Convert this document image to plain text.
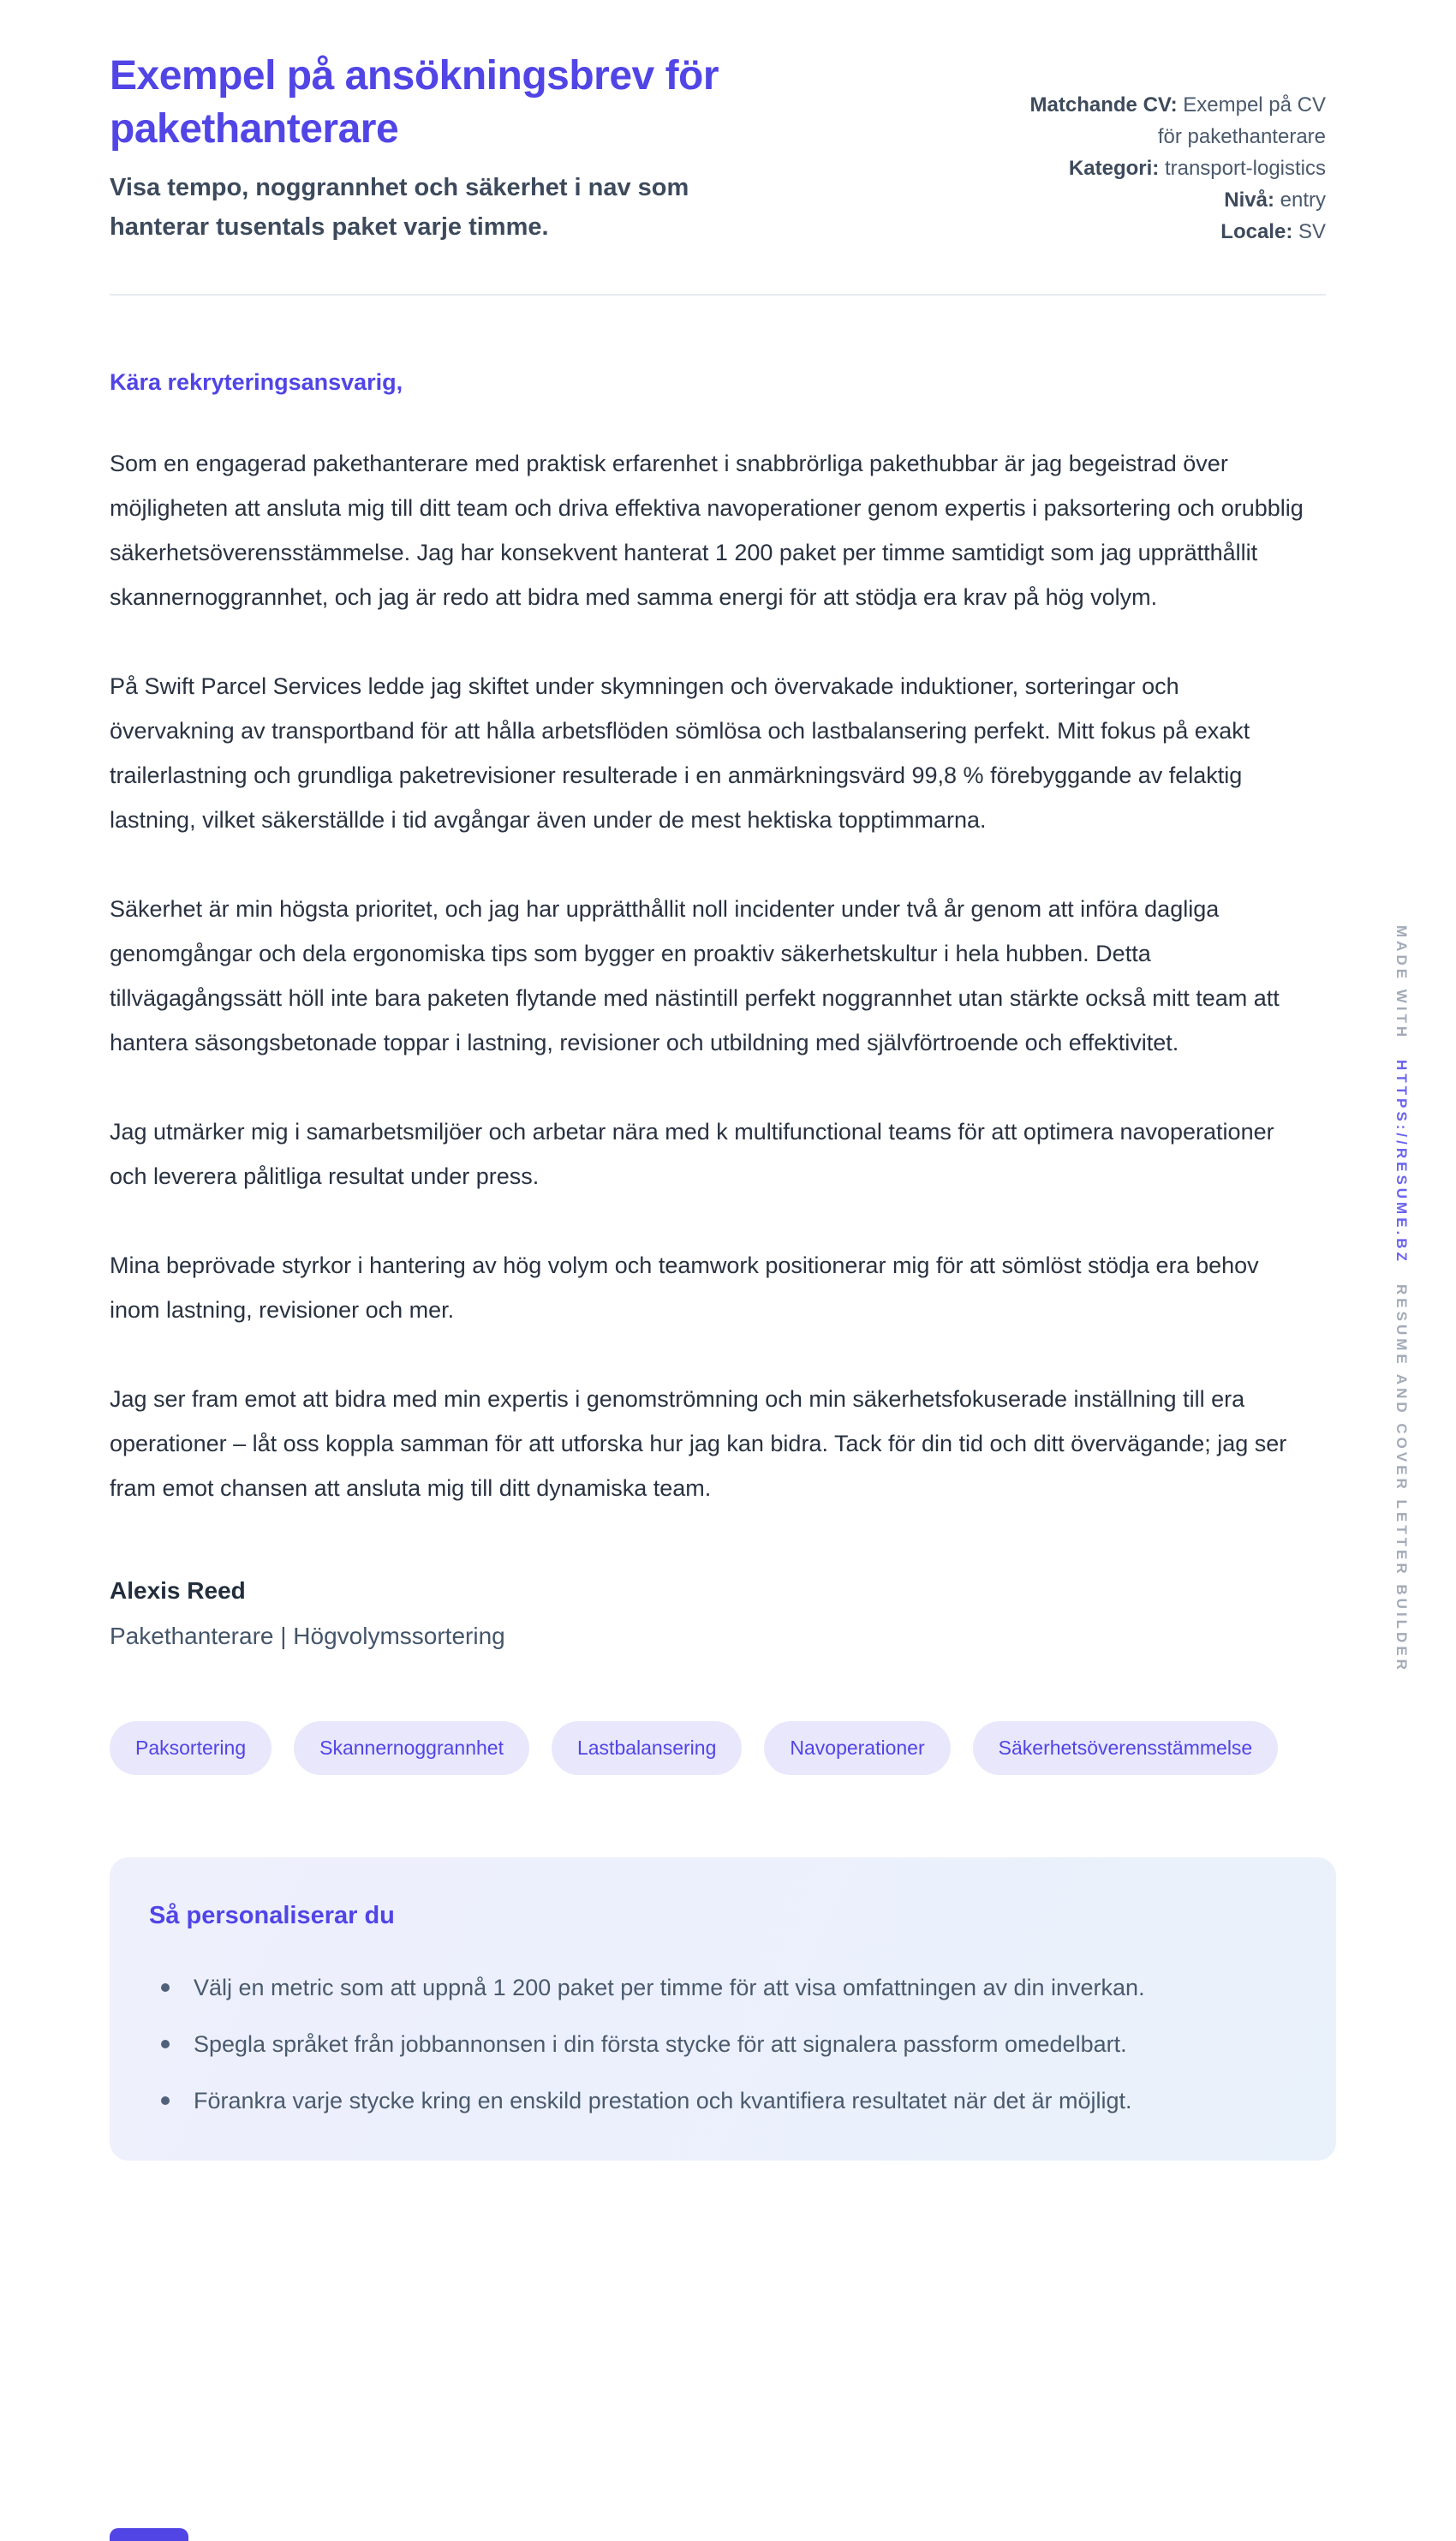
Exempel på ansökningsbrev för pakethanterare

Visa tempo, noggrannhet och säkerhet i nav som hanterar tusentals paket varje timme.

Matchande CV: Exempel på CV för pakethanterare
Kategori: transport-logistics
Nivå: entry
Locale: SV

Kära rekryteringsansvarig,

Som en engagerad pakethanterare med praktisk erfarenhet i snabbrörliga pakethubbar är jag begeistrad över möjligheten att ansluta mig till ditt team och driva effektiva navoperationer genom expertis i paksortering och orubblig säkerhetsöverensstämmelse. Jag har konsekvent hanterat 1 200 paket per timme samtidigt som jag upprätthållit skannernoggrannhet, och jag är redo att bidra med samma energi för att stödja era krav på hög volym.

På Swift Parcel Services ledde jag skiftet under skymningen och övervakade induktioner, sorteringar och övervakning av transportband för att hålla arbetsflöden sömlösa och lastbalansering perfekt. Mitt fokus på exakt trailerlastning och grundliga paketrevisioner resulterade i en anmärkningsvärd 99,8 % förebyggande av felaktig lastning, vilket säkerställde i tid avgångar även under de mest hektiska topptimmarna.

Säkerhet är min högsta prioritet, och jag har upprätthållit noll incidenter under två år genom att införa dagliga genomgångar och dela ergonomiska tips som bygger en proaktiv säkerhetskultur i hela hubben. Detta tillvägagångssätt höll inte bara paketen flytande med nästintill perfekt noggrannhet utan stärkte också mitt team att hantera säsongsbetonade toppar i lastning, revisioner och utbildning med självförtroende och effektivitet.

Jag utmärker mig i samarbetsmiljöer och arbetar nära med k multifunctional teams för att optimera navoperationer och leverera pålitliga resultat under press.

Mina beprövade styrkor i hantering av hög volym och teamwork positionerar mig för att sömlöst stödja era behov inom lastning, revisioner och mer.

Jag ser fram emot att bidra med min expertis i genomströmning och min säkerhetsfokuserade inställning till era operationer – låt oss koppla samman för att utforska hur jag kan bidra. Tack för din tid och ditt övervägande; jag ser fram emot chansen att ansluta mig till ditt dynamiska team.

Alexis Reed

Pakethanterare | Högvolymssortering

Paksortering	Skannernoggrannhet	Lastbalansering	Navoperationer	Säkerhetsöverensstämmelse
Så personaliserar du
Välj en metric som att uppnå 1 200 paket per timme för att visa omfattningen av din inverkan.
Spegla språket från jobbannonsen i din första stycke för att signalera passform omedelbart.
Förankra varje stycke kring en enskild prestation och kvantifiera resultatet när det är möjligt.
MADE WITH HTTPS://RESUME.BZ RESUME AND COVER LETTER BUILDER
